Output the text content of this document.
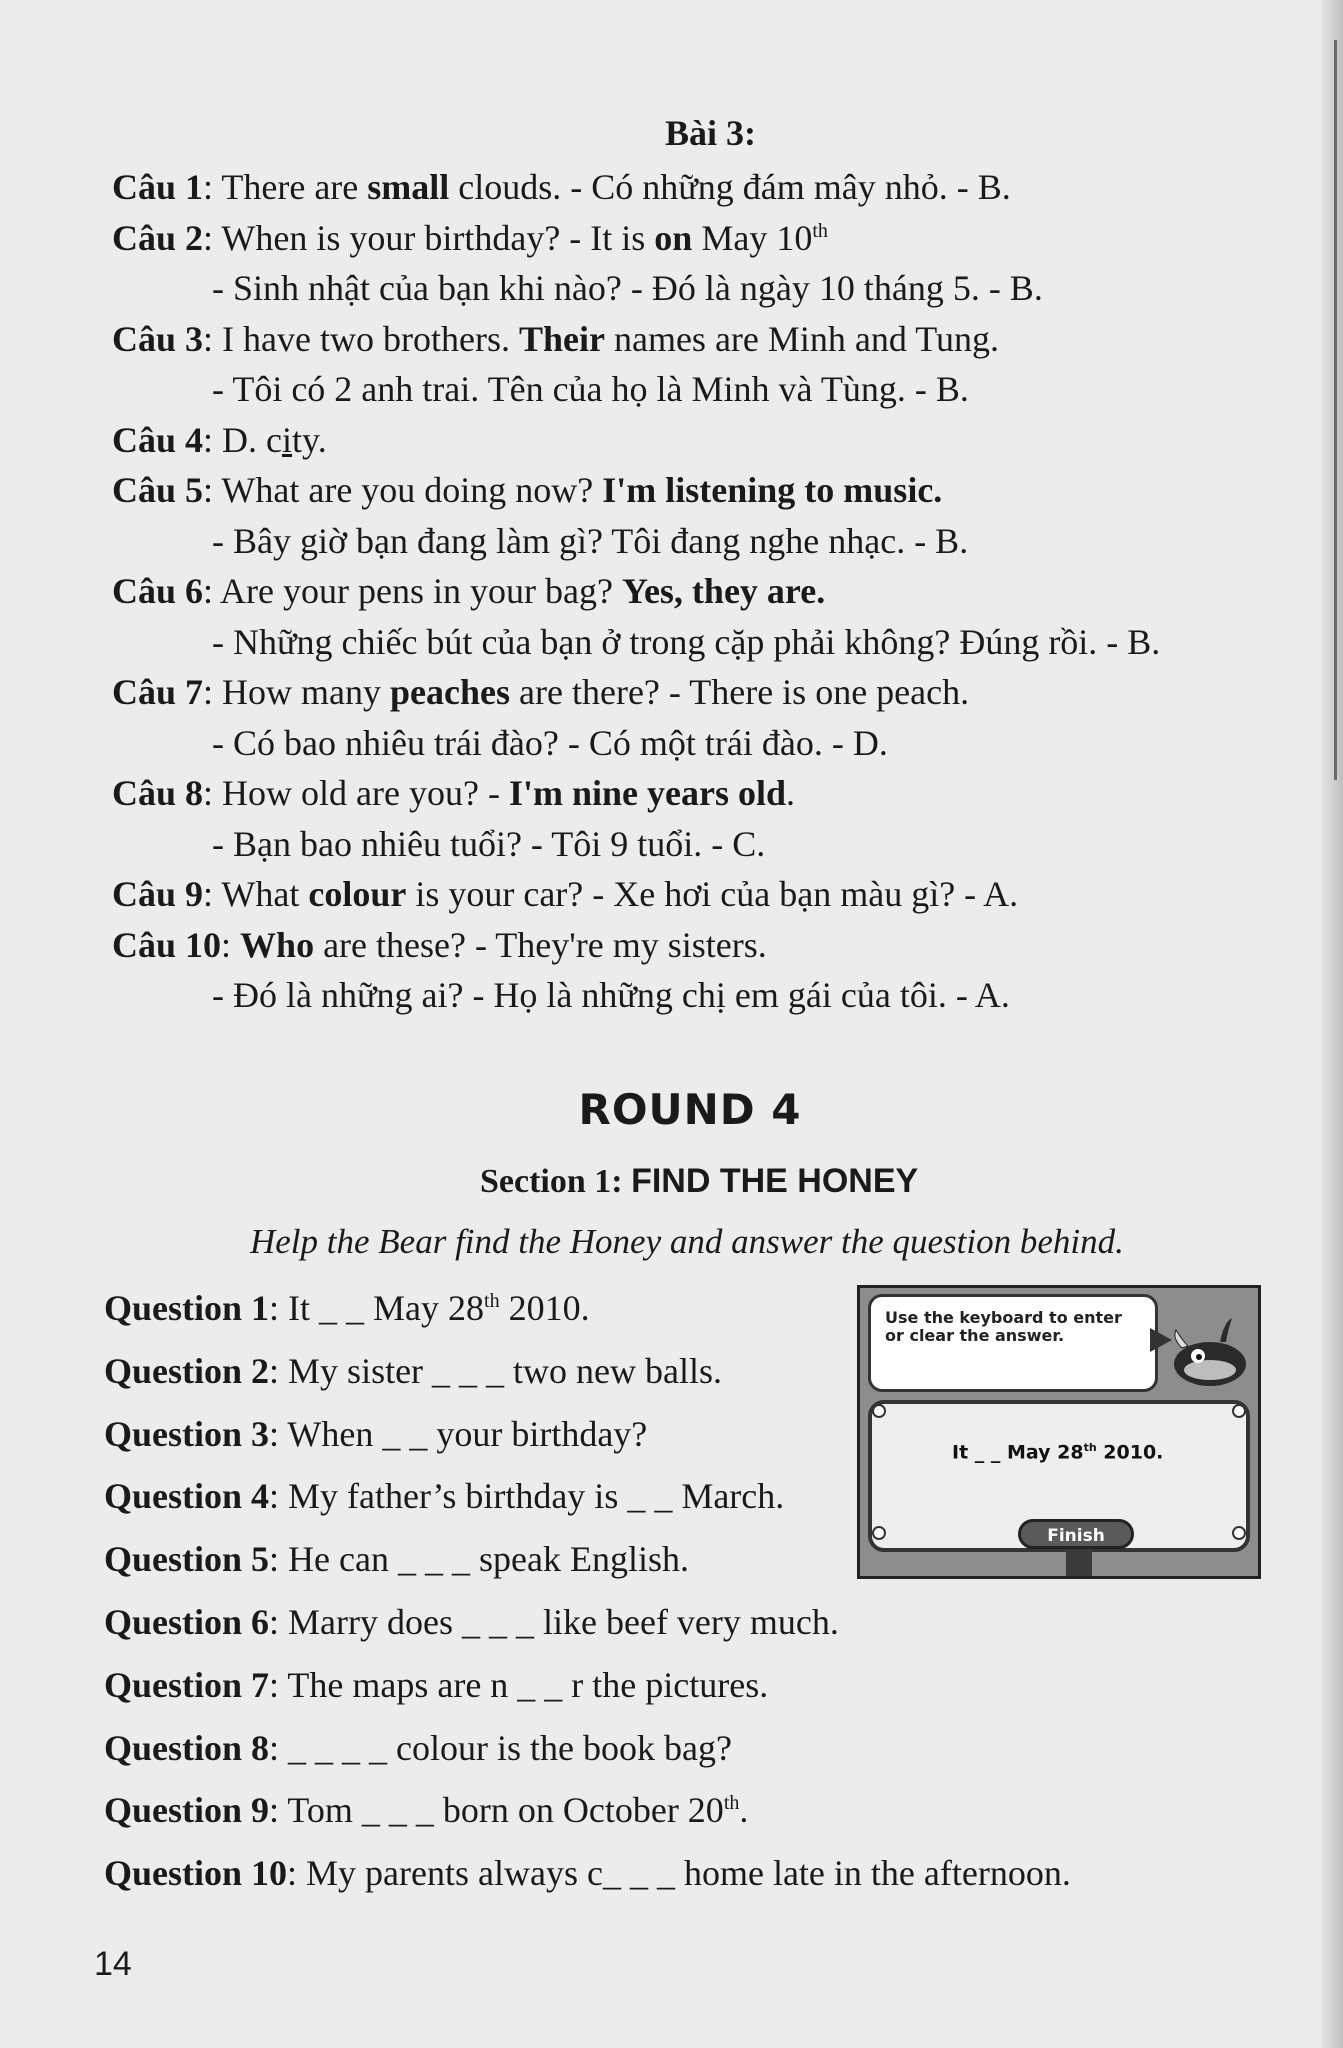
Bài 3:
Câu 1: There are small clouds. - Có những đám mây nhỏ. - B.
Câu 2: When is your birthday? - It is on May 10th
- Sinh nhật của bạn khi nào? - Đó là ngày 10 tháng 5. - B.
Câu 3: I have two brothers. Their names are Minh and Tung.
- Tôi có 2 anh trai. Tên của họ là Minh và Tùng. - B.
Câu 4: D. city.
Câu 5: What are you doing now? I'm listening to music.
- Bây giờ bạn đang làm gì? Tôi đang nghe nhạc. - B.
Câu 6: Are your pens in your bag? Yes, they are.
- Những chiếc bút của bạn ở trong cặp phải không? Đúng rồi. - B.
Câu 7: How many peaches are there? - There is one peach.
- Có bao nhiêu trái đào? - Có một trái đào. - D.
Câu 8: How old are you? - I'm nine years old.
- Bạn bao nhiêu tuổi? - Tôi 9 tuổi. - C.
Câu 9: What colour is your car? - Xe hơi của bạn màu gì? - A.
Câu 10: Who are these? - They're my sisters.
- Đó là những ai? - Họ là những chị em gái của tôi. - A.
ROUND 4
Section 1: FIND THE HONEY
Help the Bear find the Honey and answer the question behind.
Question 1: It _ _ May 28th 2010.
Question 2: My sister _ _ _ two new balls.
Question 3: When _ _ your birthday?
Question 4: My father’s birthday is _ _ March.
Question 5: He can _ _ _ speak English.
Question 6: Marry does _ _ _ like beef very much.
Question 7: The maps are n _ _ r the pictures.
Question 8: _ _ _ _ colour is the book bag?
Question 9: Tom _ _ _ born on October 20th.
Question 10: My parents always c_ _ _ home late in the afternoon.
Use the keyboard to enter or clear the answer.
It _ _ May 28th 2010.
Finish
14
